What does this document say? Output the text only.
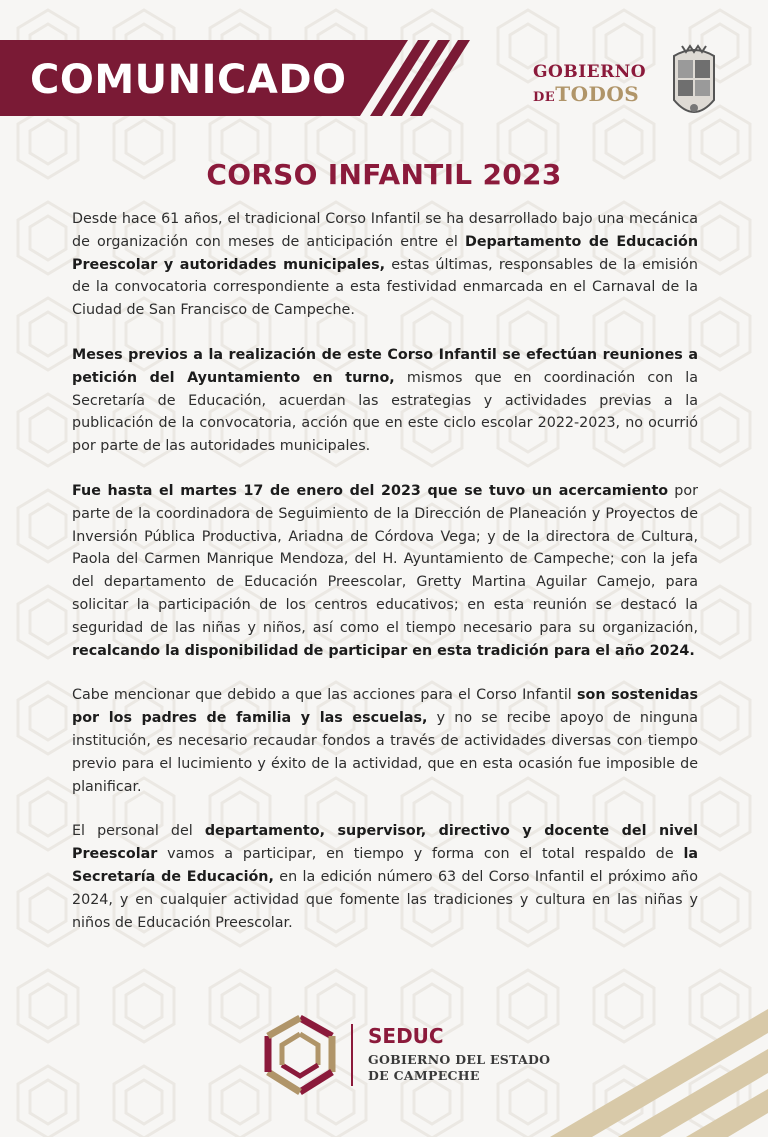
COMUNICADO	GOBIERNO
DETODOS
CORSO INFANTIL 2023

Desde hace 61 años, el tradicional Corso Infantil se ha desarrollado bajo una mecánica de organización con meses de anticipación entre el Departamento de Educación Preescolar y autoridades municipales, estas últimas, responsables de la emisión de la convocatoria correspondiente a esta festividad enmarcada en el Carnaval de la Ciudad de San Francisco de Campeche.

Meses previos a la realización de este Corso Infantil se efectúan reuniones a petición del Ayuntamiento en turno, mismos que en coordinación con la Secretaría de Educación, acuerdan las estrategias y actividades previas a la publicación de la convocatoria, acción que en este ciclo escolar 2022-2023, no ocurrió por parte de las autoridades municipales.

Fue hasta el martes 17 de enero del 2023 que se tuvo un acercamiento por parte de la coordinadora de Seguimiento de la Dirección de Planeación y Proyectos de Inversión Pública Productiva, Ariadna de Córdova Vega; y de la directora de Cultura, Paola del Carmen Manrique Mendoza, del H. Ayuntamiento de Campeche; con la jefa del departamento de Educación Preescolar, Gretty Martina Aguilar Camejo, para solicitar la participación de los centros educativos; en esta reunión se destacó la seguridad de las niñas y niños, así como el tiempo necesario para su organización, recalcando la disponibilidad de participar en esta tradición para el año 2024.

Cabe mencionar que debido a que las acciones para el Corso Infantil son sostenidas por los padres de familia y las escuelas, y no se recibe apoyo de ninguna institución, es necesario recaudar fondos a través de actividades diversas con tiempo previo para el lucimiento y éxito de la actividad, que en esta ocasión fue imposible de planificar.

El personal del departamento, supervisor, directivo y docente del nivel Preescolar vamos a participar, en tiempo y forma con el total respaldo de la Secretaría de Educación, en la edición número 63 del Corso Infantil el próximo año 2024, y en cualquier actividad que fomente las tradiciones y cultura en las niñas y niños de Educación Preescolar.

SEDUC
GOBIERNO DEL ESTADO
DE CAMPECHE
